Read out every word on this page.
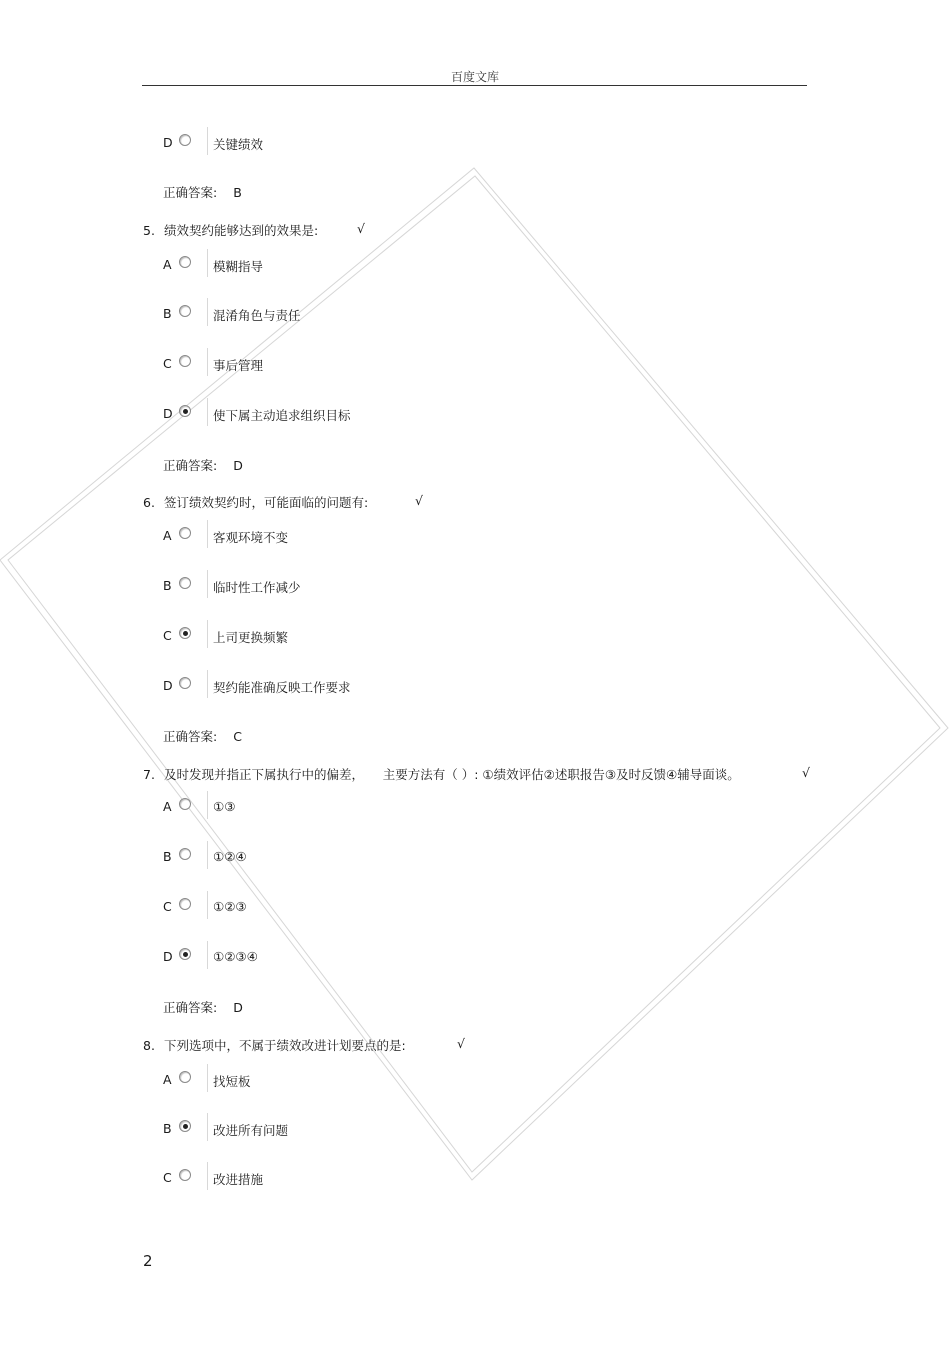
百度文库
D	关键绩效
正确答案: B
5. 绩效契约能够达到的效果是:	√
A	模糊指导
B	混淆角色与责任
C	事后管理
D	使下属主动追求组织目标
正确答案: D
6. 签订绩效契约时，可能面临的问题有:	√
A	客观环境不变
B	临时性工作减少
C	上司更换频繁
D	契约能准确反映工作要求
正确答案: C
7. 及时发现并指正下属执行中的偏差，　　主要方法有（ ）: ①绩效评估②述职报告③及时反馈④辅导面谈。	√
A	①③
B	①②④
C	①②③
D	①②③④
正确答案: D
8. 下列选项中，不属于绩效改进计划要点的是:	√
A	找短板
B	改进所有问题
C	改进措施
2
